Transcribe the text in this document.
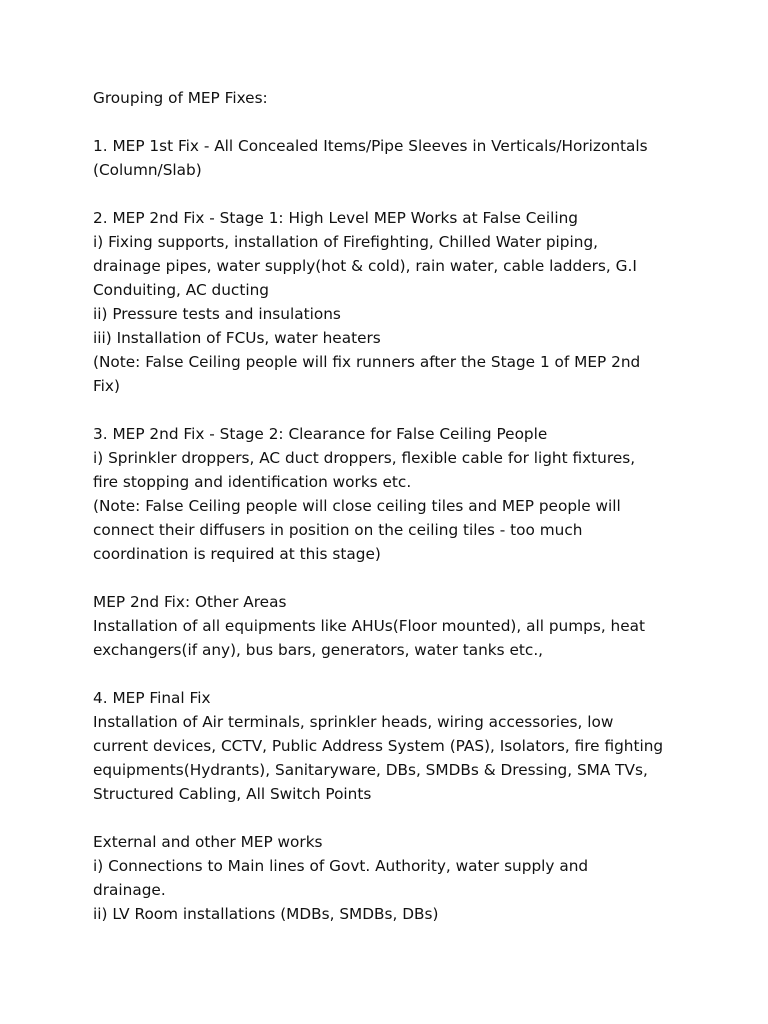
Grouping of MEP Fixes:
1. MEP 1st Fix - All Concealed Items/Pipe Sleeves in Verticals/Horizontals
(Column/Slab)
2. MEP 2nd Fix - Stage 1: High Level MEP Works at False Ceiling
i) Fixing supports, installation of Firefighting, Chilled Water piping,
drainage pipes, water supply(hot & cold), rain water, cable ladders, G.I
Conduiting, AC ducting
ii) Pressure tests and insulations
iii) Installation of FCUs, water heaters
(Note: False Ceiling people will fix runners after the Stage 1 of MEP 2nd
Fix)
3. MEP 2nd Fix - Stage 2: Clearance for False Ceiling People
i) Sprinkler droppers, AC duct droppers, flexible cable for light fixtures,
fire stopping and identification works etc.
(Note: False Ceiling people will close ceiling tiles and MEP people will
connect their diffusers in position on the ceiling tiles - too much
coordination is required at this stage)
MEP 2nd Fix: Other Areas
Installation of all equipments like AHUs(Floor mounted), all pumps, heat
exchangers(if any), bus bars, generators, water tanks etc.,
4. MEP Final Fix
Installation of Air terminals, sprinkler heads, wiring accessories, low
current devices, CCTV, Public Address System (PAS), Isolators, fire fighting
equipments(Hydrants), Sanitaryware, DBs, SMDBs & Dressing, SMA TVs,
Structured Cabling, All Switch Points
External and other MEP works
i) Connections to Main lines of Govt. Authority, water supply and
drainage.
ii) LV Room installations (MDBs, SMDBs, DBs)
